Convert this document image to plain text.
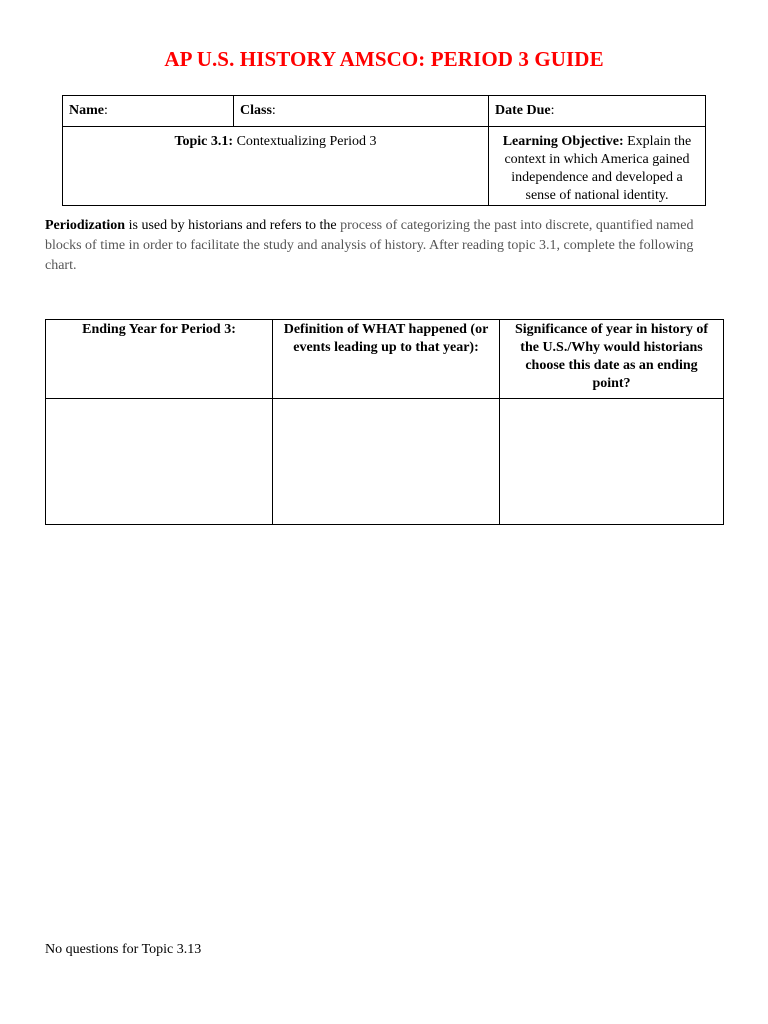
AP U.S. HISTORY AMSCO: PERIOD 3 GUIDE
Name:	Class:	Date Due:
Topic 3.1: Contextualizing Period 3		Learning Objective: Explain the context in which America gained independence and developed a sense of national identity.
Periodization is used by historians and refers to the process of categorizing the past into discrete, quantified named blocks of time in order to facilitate the study and analysis of history. After reading topic 3.1, complete the following chart.
Ending Year for Period 3:	Definition of WHAT happened (or events leading up to that year):	Significance of year in history of the U.S./Why would historians choose this date as an ending point?

No questions for Topic 3.13
